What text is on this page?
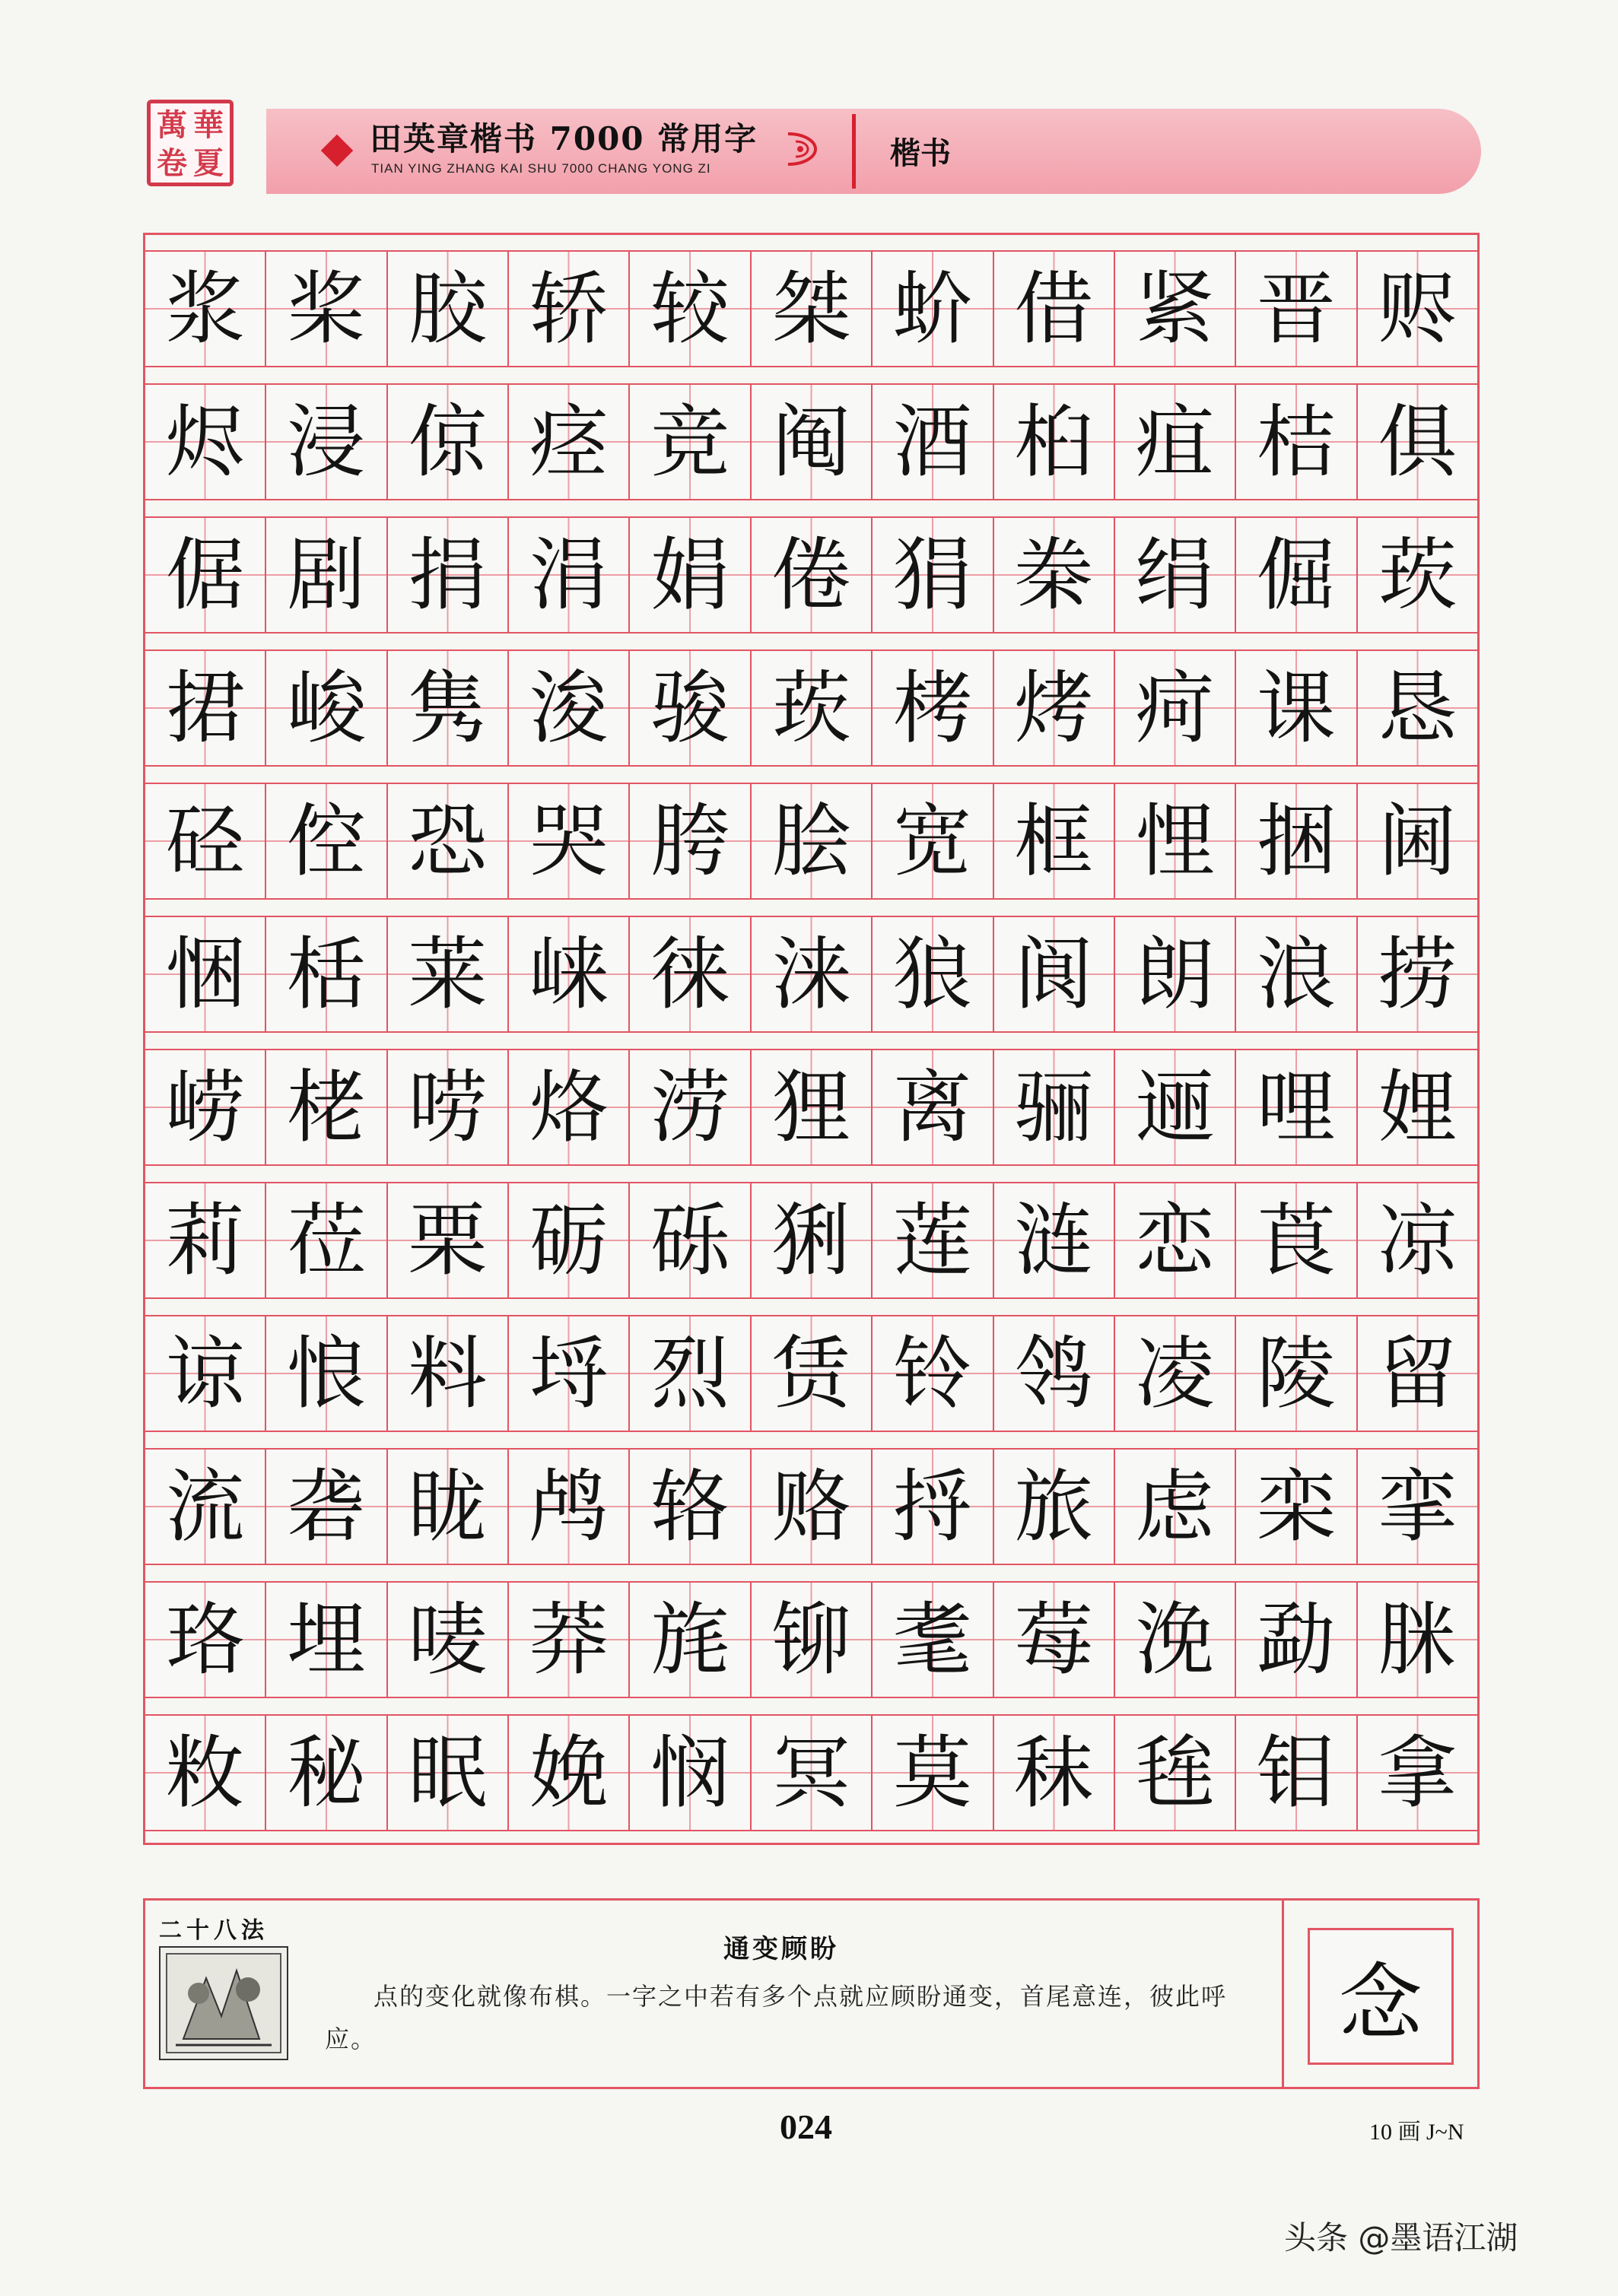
萬 華
卷 夏
田英章楷书 7000 常用字
TIAN YING ZHANG KAI SHU 7000 CHANG YONG ZI	楷书
浆 桨 胶 轿 较 桀 蚧 借 紧 晋 赆
烬 浸 倞 痉 竞 阄 酒 桕 疽 桔 俱
倨 剧 捐 涓 娟 倦 狷 桊 绢 倔 莰
捃 峻 隽 浚 骏 莰 栲 烤 疴 课 恳
硁 倥 恐 哭 胯 脍 宽 框 悝 捆 阃
悃 栝 莱 崃 徕 涞 狼 阆 朗 浪 捞
崂 栳 唠 烙 涝 狸 离 骊 逦 哩 娌
莉 莅 栗 砺 砾 猁 莲 涟 恋 莨 凉
谅 悢 料 埒 烈 赁 铃 鸰 凌 陵 留
流 砻 眬 鸬 辂 赂 捋 旅 虑 栾 挛
珞 埋 唛 莽 旄 铆 耄 莓 浼 勐 脒
敉 秘 眠 娩 悯 冥 莫 秣 毪 钼 拿
二十八法
通变顾盼
点的变化就像布棋。一字之中若有多个点就应顾盼通变，首尾意连，彼此呼应。	念
024	10 画 J~N
头条 @墨语江湖
